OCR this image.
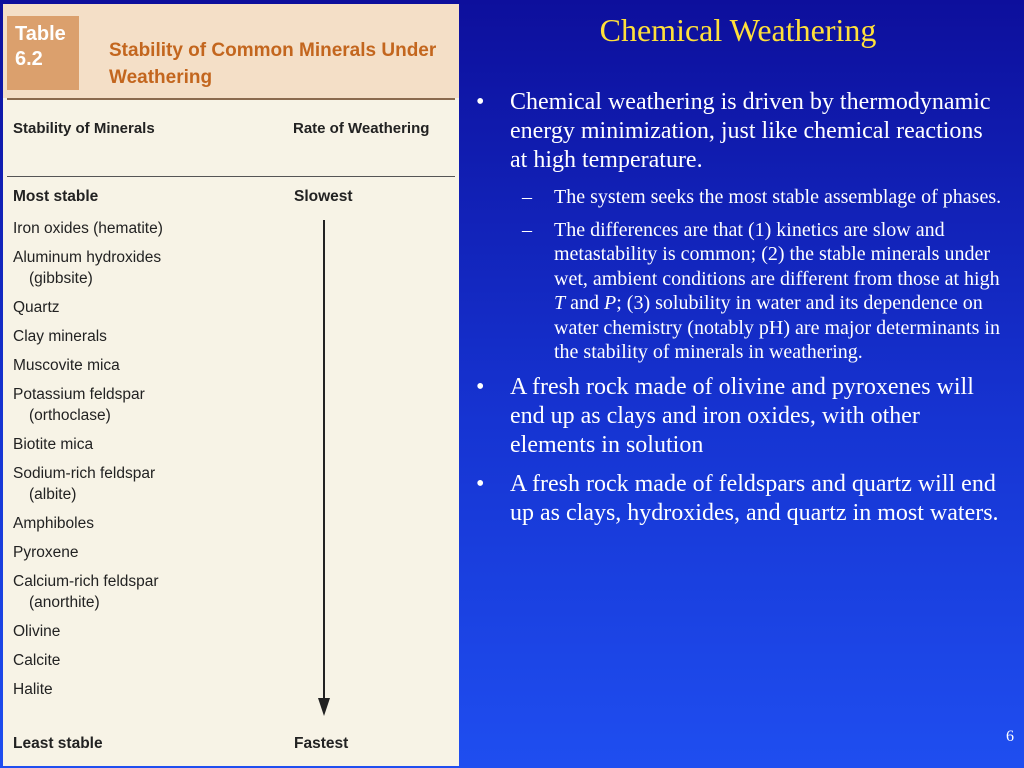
Table 6.2	Stability of Common Minerals Under Weathering
Stability of Minerals	Rate of Weathering
Most stable	Slowest
Iron oxides (hematite)
Aluminum hydroxides
(gibbsite)
Quartz
Clay minerals
Muscovite mica
Potassium feldspar
(orthoclase)
Biotite mica
Sodium-rich feldspar
(albite)
Amphiboles
Pyroxene
Calcium-rich feldspar
(anorthite)
Olivine
Calcite
Halite
Least stable	Fastest
Chemical Weathering
• Chemical weathering is driven by thermodynamic energy minimization, just like chemical reactions at high temperature.
– The system seeks the most stable assemblage of phases.
– The differences are that (1) kinetics are slow and metastability is common; (2) the stable minerals under wet, ambient conditions are different from those at high T and P; (3) solubility in water and its dependence on water chemistry (notably pH) are major determinants in the stability of minerals in weathering.
• A fresh rock made of olivine and pyroxenes will end up as clays and iron oxides, with other elements in solution
• A fresh rock made of feldspars and quartz will end up as clays, hydroxides, and quartz in most waters.
6
